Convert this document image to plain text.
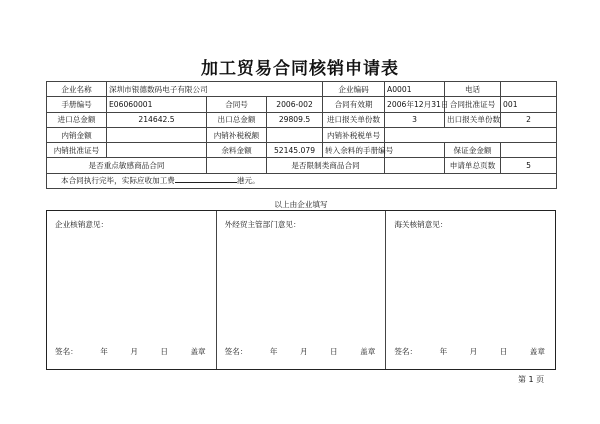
加工贸易合同核销申请表
企业名称	深圳市银德数码电子有限公司			企业编码	A0001	电话	
手册编号	E06060001	合同号	2006-002	合同有效期	2006年12月31日	合同批准证号	001
进口总金额	214642.5	出口总金额	29809.5	进口报关单份数	3	出口报关单份数	2
内销金额		内销补税税额		内销补税税单号			
内销批准证号		余料金额	52145.079	转入余料的手册编号		保证金金额	
是否重点敏感商品合同			是否限制类商品合同			申请单总页数	5
本合同执行完毕，实际应收加工费 港元。							
以上由企业填写
企业核销意见：
签名：	年	月	日	盖章
外经贸主管部门意见：
签名：	年	月	日	盖章
海关核销意见：
签名：	年	月	日	盖章
第 1 页
